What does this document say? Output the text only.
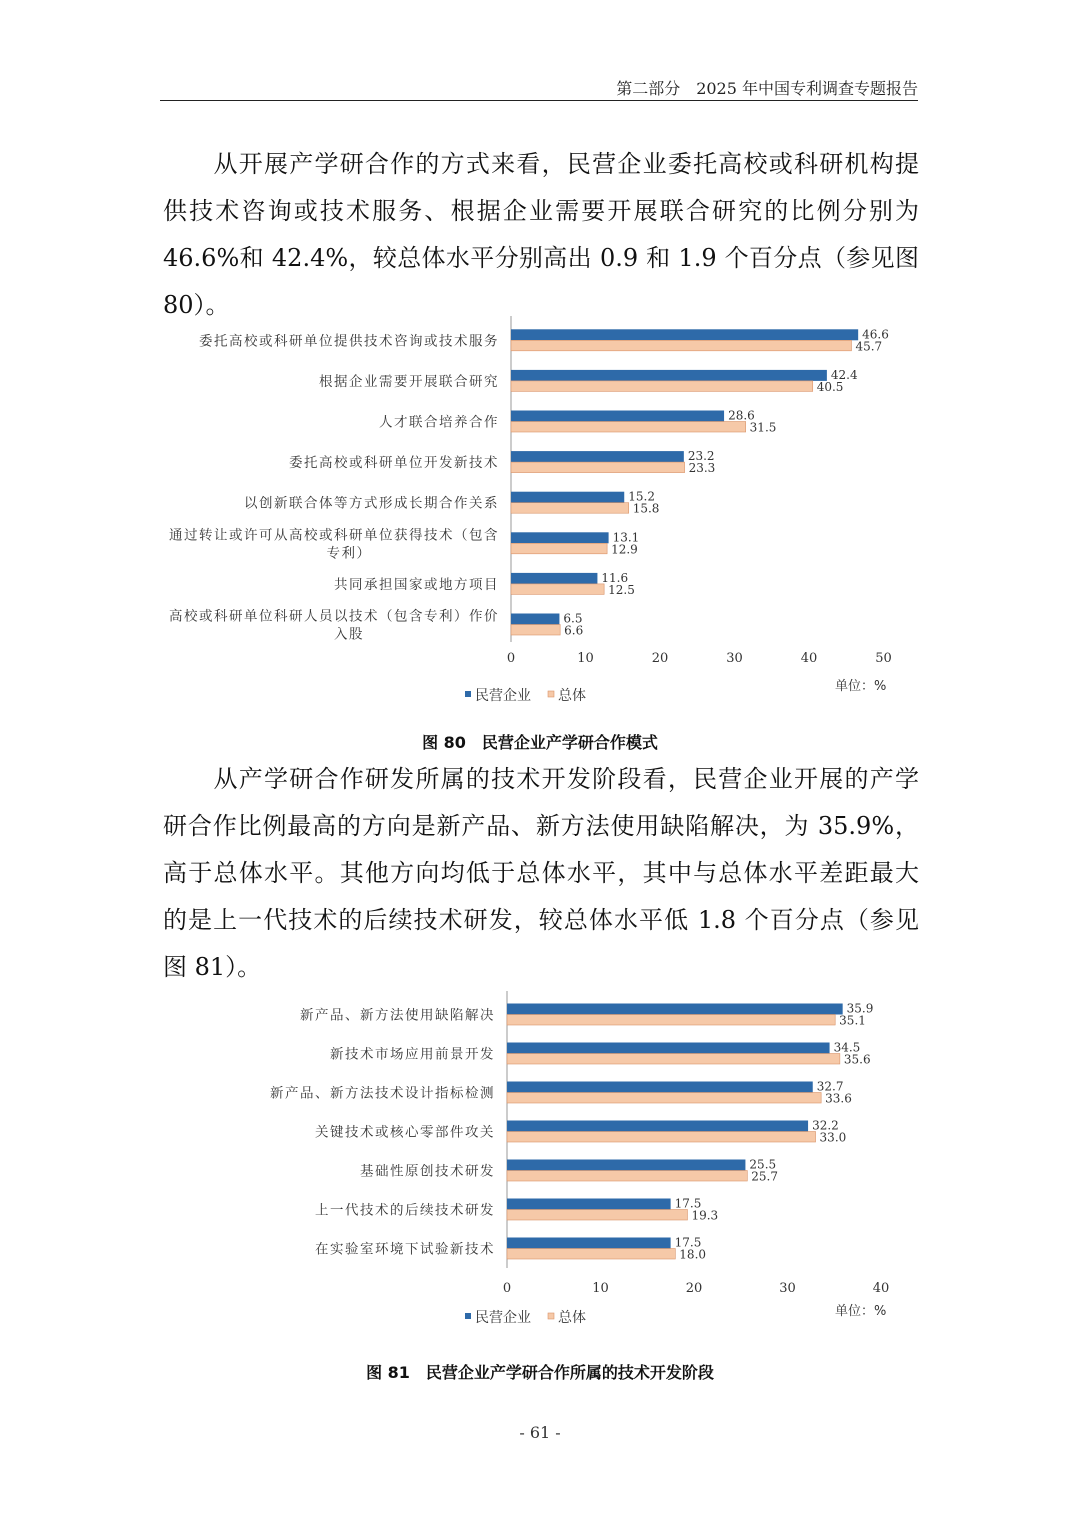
第二部分　2025 年中国专利调查专题报告
　　从开展产学研合作的方式来看，民营企业委托高校或科研机构提
供技术咨询或技术服务、根据企业需要开展联合研究的比例分别为
46.6%和 42.4%，较总体水平分别高出 0.9 和 1.9 个百分点（参见图
80）。
46.6
45.7
委托高校或科研单位提供技术咨询或技术服务
42.4
40.5
根据企业需要开展联合研究
28.6
31.5
人才联合培养合作
23.2
23.3
委托高校或科研单位开发新技术
15.2
15.8
以创新联合体等方式形成长期合作关系
13.1
12.9
通过转让或许可从高校或科研单位获得技术（包含
专利）
11.6
12.5
共同承担国家或地方项目
6.5
6.6
高校或科研单位科研人员以技术（包含专利）作价
入股
0	10	20	30	40	50
单位：%
民营企业 总体
图 80 民营企业产学研合作模式
　　从产学研合作研发所属的技术开发阶段看，民营企业开展的产学
研合作比例最高的方向是新产品、新方法使用缺陷解决，为 35.9%，
高于总体水平。其他方向均低于总体水平，其中与总体水平差距最大
的是上一代技术的后续技术研发，较总体水平低 1.8 个百分点（参见
图 81）。
35.9
35.1
新产品、新方法使用缺陷解决
34.5
35.6
新技术市场应用前景开发
32.7
33.6
新产品、新方法技术设计指标检测
32.2
33.0
关键技术或核心零部件攻关
25.5
25.7
基础性原创技术研发
17.5
19.3
上一代技术的后续技术研发
17.5
18.0
在实验室环境下试验新技术
0	10	20	30	40
单位：%
民营企业 总体
图 81 民营企业产学研合作所属的技术开发阶段
- 61 -
